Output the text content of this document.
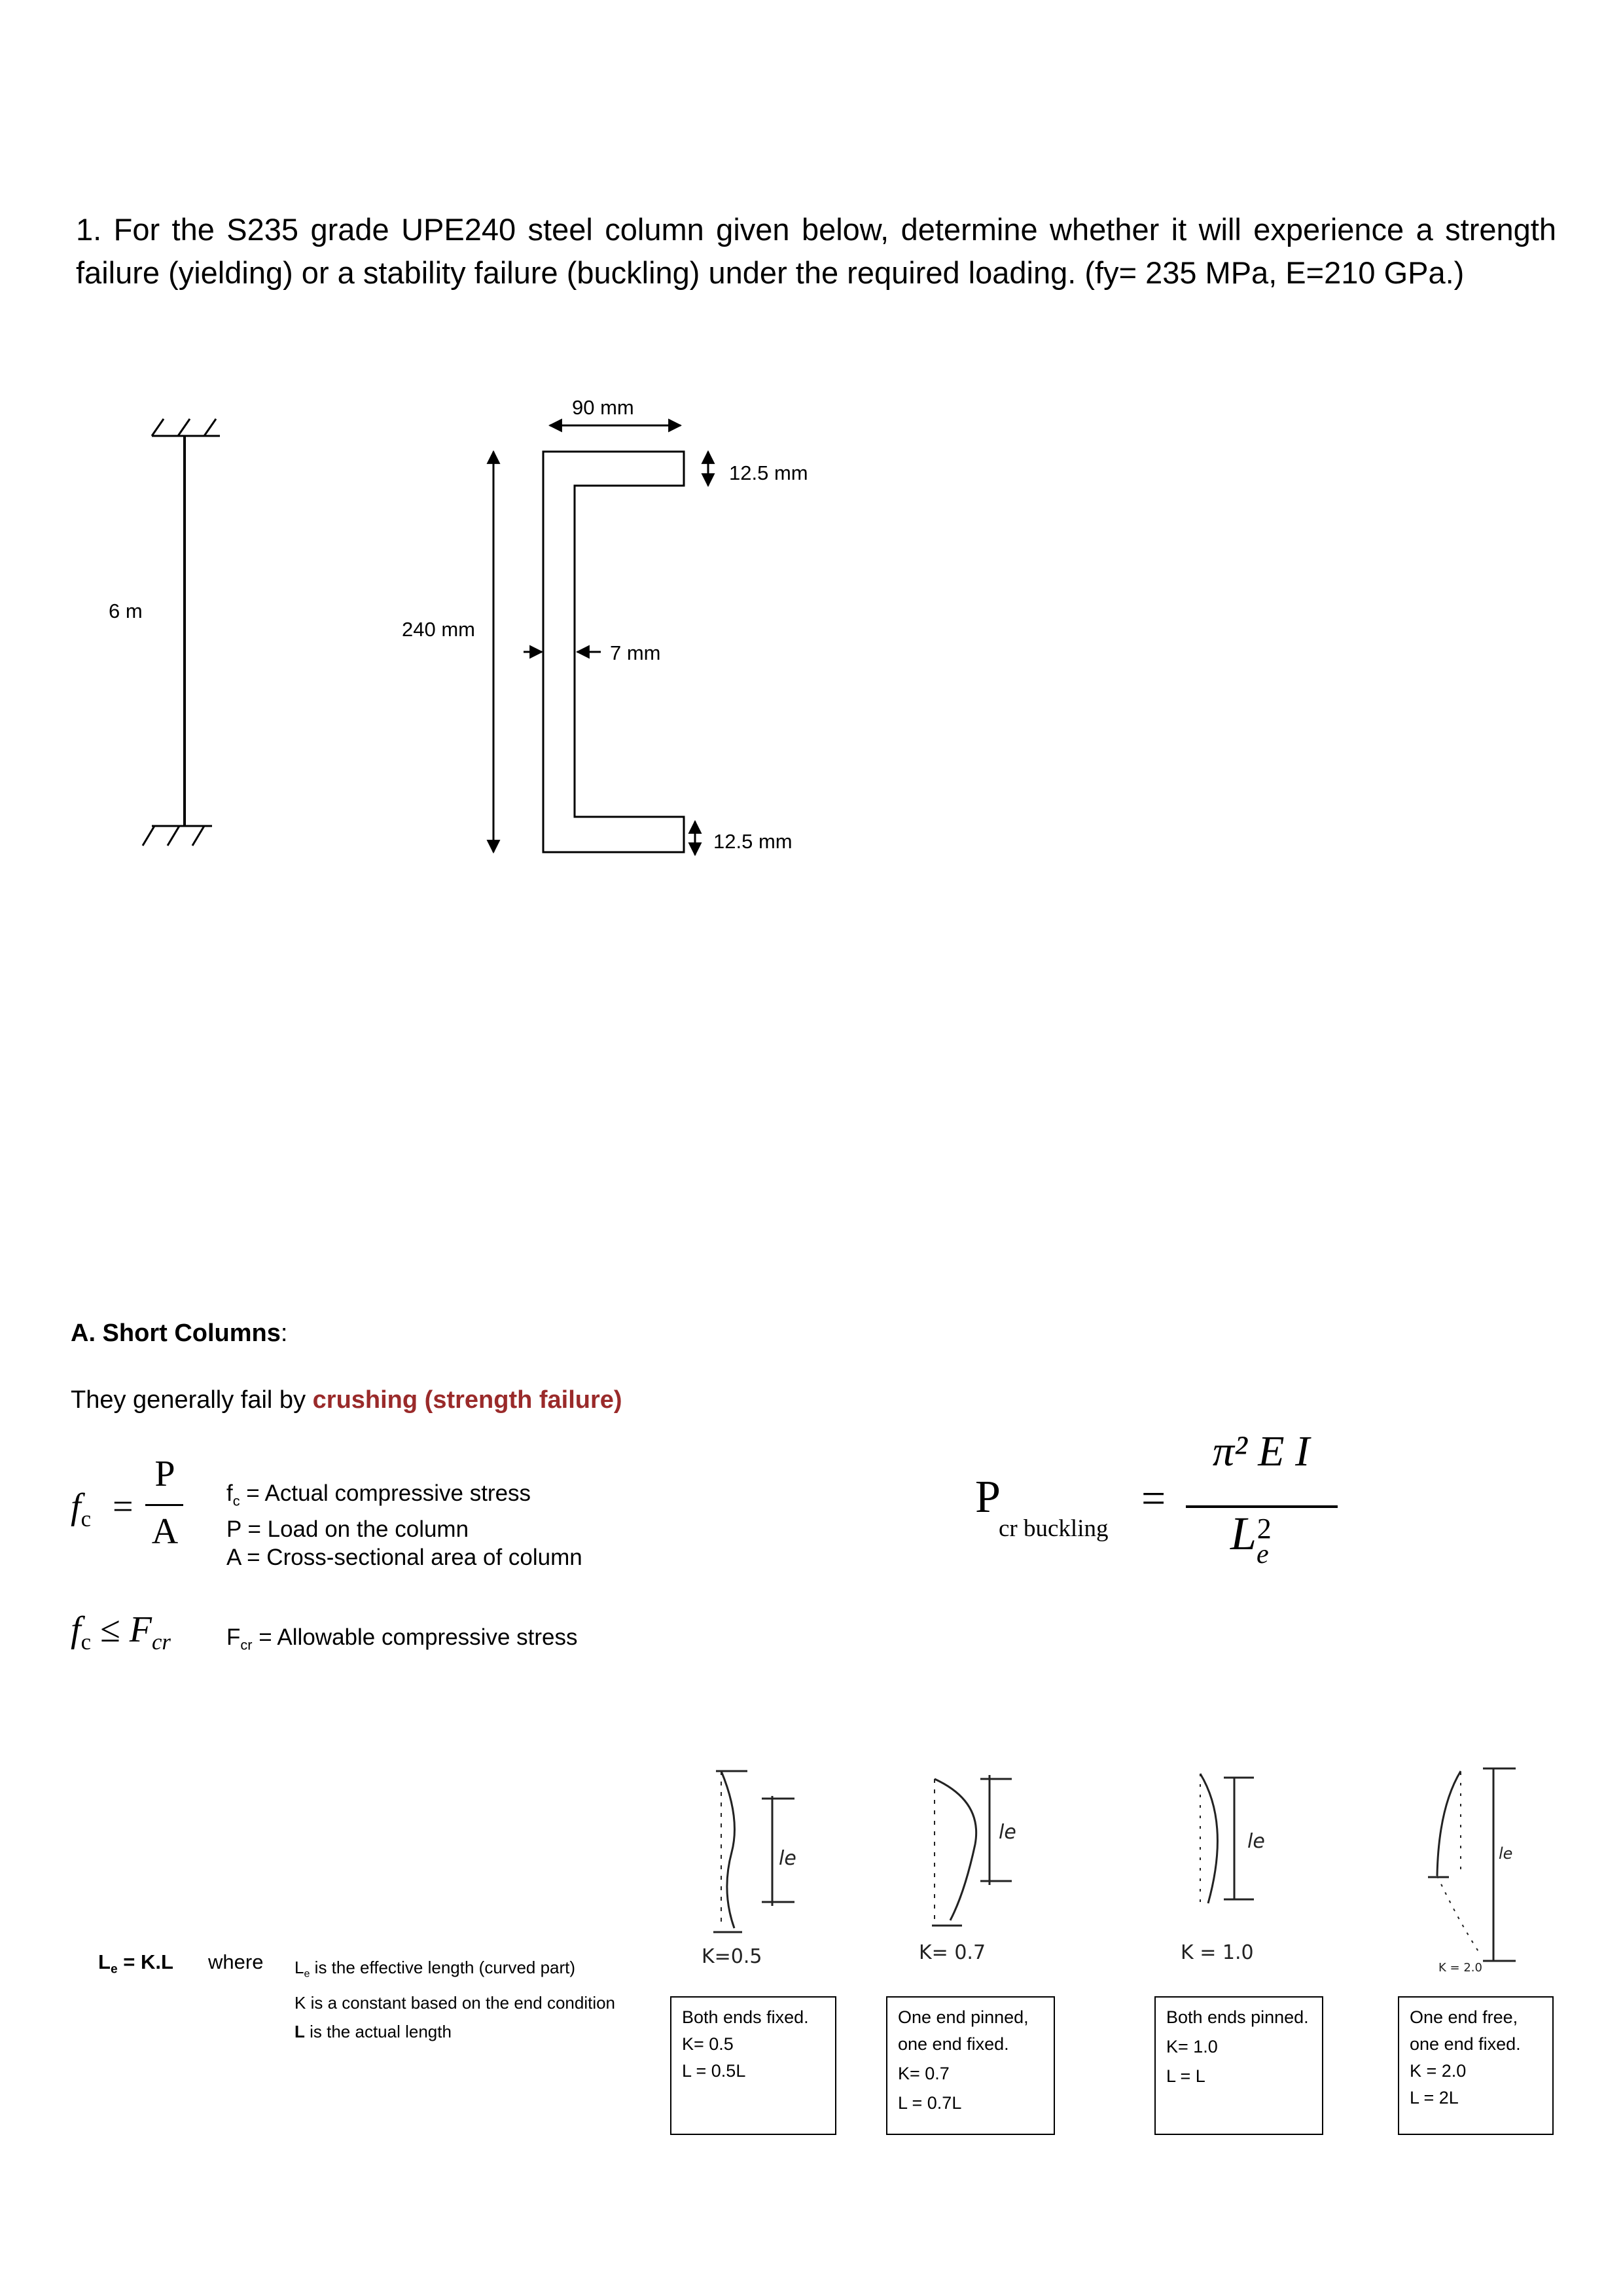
1. For the S235 grade UPE240 steel column given below, determine whether it will experience a strength failure (yielding) or a stability failure (buckling) under the required loading. (fy= 235 MPa, E=210 GPa.)
6 m
90 mm
12.5 mm
240 mm
7 mm
12.5 mm
A. Short Columns:
They generally fail by crushing (strength failure)
$f_c$ =
P
A
$f_c$ = Actual compressive stress
P = Load on the column
A = Cross-sectional area of column
$f_c \le F_{cr}$ $F_{cr}$ = Allowable compressive stress
P
cr buckling
=
π² E I
$L_e^2$
$L_e = K.L$ where $L_e$ is the effective length (curved part)
K is a constant based on the end condition
L is the actual length
K=0.5
le
K= 0.7
le
K = 1.0
le
K = 2.0
le
Both ends fixed.
K= 0.5
L = 0.5L
One end pinned,
one end fixed.
K= 0.7
L = 0.7L
Both ends pinned.
K= 1.0
L = L
One end free,
one end fixed.
K = 2.0
L = 2L
